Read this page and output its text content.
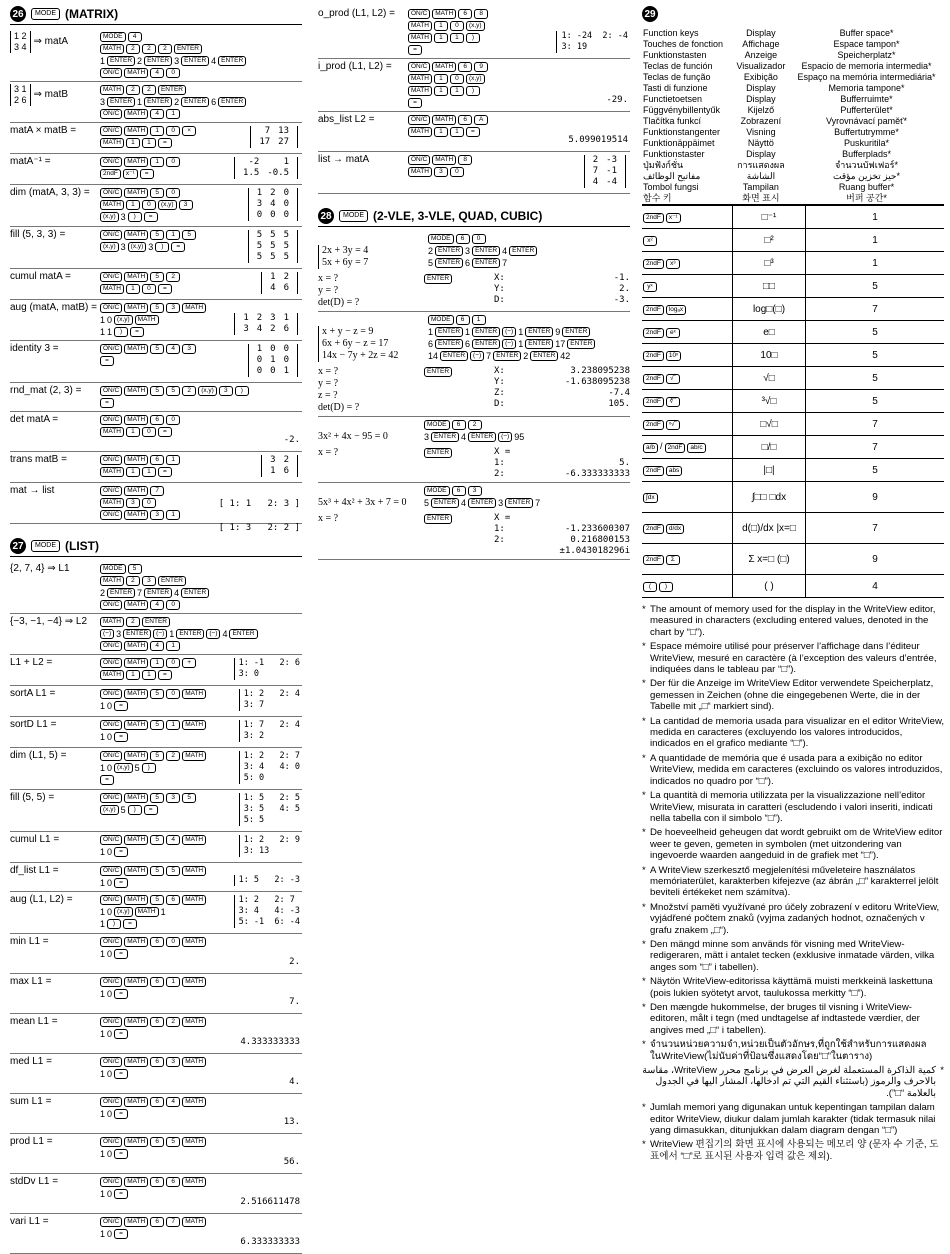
26	MODE (MATRIX)
1 2
3 4 ⇒ matA	MODE	4
MATH	2	2	2	ENTER
1 ENTER 2 ENTER 3 ENTER 4 ENTER
ON/C	MATH	4	0
3 1
2 6 ⇒ matB	MATH	2	2	ENTER
3 ENTER 1 ENTER 2 ENTER 6 ENTER
ON/C	MATH	4	1
matA × matB =	ON/C	MATH	1	0	×
MATH	1	1	=
7	13
17	27
matA⁻¹ =	ON/C	MATH	1	0
2ndF	x⁻¹	=
-2	1
1.5	-0.5
dim (matA, 3, 3) =	ON/C	MATH	5	0
MATH	1	0	(x,y)	3
(x,y) 3	)	=
1	2	0
3	4	0
0	0	0
fill (5, 3, 3) =	ON/C	MATH	5	1	5
(x,y) 3 (x,y) 3	)	=
5	5	5
5	5	5
5	5	5
cumul matA =	ON/C	MATH	5	2
MATH	1	0	=
1	2
4	6
aug (matA, matB) = ON/C	MATH	5	3	MATH
1 0 (x,y)	MATH
1 1	)	=
1	2	3	1
3	4	2	6
identity 3 =	ON/C	MATH	5	4	3
=
1	0	0
0	1	0
0	0	1
rnd_mat (2, 3) =	ON/C	MATH	5	5	2	(x,y)	3	)
=
det matA =	ON/C	MATH	6	0
MATH	1	0	=
-2.
trans matB =	ON/C	MATH	6	1
MATH	1	1	=
3	2
1	6
mat → list	ON/C	MATH	7
MATH	3	0
ON/C	MATH	3	1
[ 1: 1   2: 3 ]
[ 1: 3   2: 2 ]
27	MODE (LIST)
{2, 7, 4} ⇒ L1	MODE	5
MATH	2	3	ENTER
2 ENTER 7 ENTER 4 ENTER
ON/C	MATH	4	0
{−3, −1, −4} ⇒ L2	MATH	2	ENTER
(−) 3 ENTER	(−) 1 ENTER	(−) 4 ENTER
ON/C	MATH	4	1
L1 + L2 =	ON/C	MATH	1	0	+
MATH	1	1	=
1: -1   2: 6
3: 0
sortA L1 =	ON/C	MATH	5	0	MATH
1 0	=
1: 2   2: 4
3: 7
sortD L1 =	ON/C	MATH	5	1	MATH
1 0	=
1: 7   2: 4
3: 2
dim (L1, 5) =	ON/C	MATH	5	2	MATH
1 0 (x,y) 5	)
=
1: 2   2: 7
3: 4   4: 0
5: 0
fill (5, 5) =	ON/C	MATH	5	3	5
(x,y) 5	)	=
1: 5   2: 5
3: 5   4: 5
5: 5
cumul L1 =	ON/C	MATH	5	4	MATH
1 0	=
1: 2   2: 9
3: 13
df_list L1 =	ON/C	MATH	5	5	MATH
1 0	=	1: 5   2: -3
aug (L1, L2) =	ON/C	MATH	5	6	MATH
1 0 (x,y)	MATH 1
1	)	=
1: 2   2: 7
3: 4   4: -3
5: -1  6: -4
min L1 =	ON/C	MATH	6	0	MATH
1 0	=
2.
max L1 =	ON/C	MATH	6	1	MATH
1 0	=
7.
mean L1 =	ON/C	MATH	6	2	MATH
1 0	=
4.333333333
med L1 =	ON/C	MATH	6	3	MATH
1 0	=
4.
sum L1 =	ON/C	MATH	6	4	MATH
1 0	=
13.
prod L1 =	ON/C	MATH	6	5	MATH
1 0	=
56.
stdDv L1 =	ON/C	MATH	6	6	MATH
1 0	=
2.516611478
vari L1 =	ON/C	MATH	6	7	MATH
1 0	=
6.333333333
o_prod (L1, L2) =	ON/C	MATH	6	8
MATH	1	0	(x,y)
MATH	1	1	)
=
1: -24  2: -4
3: 19
i_prod (L1, L2) =	ON/C	MATH	6	9
MATH	1	0	(x,y)
MATH	1	1	)
=	-29.
abs_list L2 =	ON/C	MATH	6	A
MATH	1	1	=
5.099019514
list → matA	ON/C	MATH	8
MATH	3	0
2	-3
7	-1
4	-4
28	MODE (2-VLE, 3-VLE, QUAD, CUBIC)
2x + 3y = 4
5x + 6y = 7
MODE	6	0
2 ENTER 3 ENTER 4 ENTER
5 ENTER 6 ENTER 7
x = ?
y = ?
det(D) = ?
ENTER	X:	-1.
Y:	2.
D:	-3.
x + y − z = 9
6x + 6y − z = 17
14x − 7y + 2z = 42
MODE	6	1
1 ENTER 1 ENTER	(−) 1 ENTER 9 ENTER
6 ENTER 6 ENTER	(−) 1 ENTER 17 ENTER
14 ENTER	(−) 7 ENTER 2 ENTER 42
x = ?
y = ?
z = ?
det(D) = ?
ENTER	X:	3.238095238
Y:	-1.638095238
Z:	-7.4
D:	105.
3x² + 4x − 95 = 0
MODE	6	2
3 ENTER 4 ENTER	(−) 95
x = ?	ENTER	X =
1:	5.
2:	-6.333333333
5x³ + 4x² + 3x + 7 = 0
MODE	6	3
5 ENTER 4 ENTER 3 ENTER 7
x = ?	ENTER	X =
1:	-1.233600307
2:	0.216800153
±1.043018296i
29
Function keys	Display	Buffer space*
Touches de fonction	Affichage	Espace tampon*
Funktionstasten	Anzeige	Speicherplatz*
Teclas de función	Visualizador	Espacio de memoria intermedia*
Teclas de função	Exibição	Espaço na memória intermediária*
Tasti di funzione	Display	Memoria tampone*
Functietoetsen	Display	Bufferruimte*
Függvénybillentyűk	Kijelző	Pufferterület*
Tlačítka funkcí	Zobrazení	Vyrovnávací paměť*
Funktionstangenter	Visning	Buffertutrymme*
Funktionäppäimet	Näyttö	Puskuritila*
Funktionstaster	Display	Bufferplads*
ปุ่มฟังก์ชั่น	การแสดงผล	จำนวนบัฟเฟอร์*
مفاتيح الوظائف	الشاشة	حيز تخزين مؤقت*
Tombol fungsi	Tampilan	Ruang buffer*
함수 키	화면 표시	버퍼 공간*
2ndF x⁻¹	□⁻¹	1
x²	□²	1
2ndF x³	□³	1
yˣ	□□	5
2ndF logₐx	log□(□)	7
2ndF eˣ	e□	5
2ndF 10ˣ	10□	5
2ndF √‾	√□	5
2ndF ∛‾	³√□	5
2ndF ˣ√‾	□√□	7
a/b / 2ndF ab/c	□/□	7
2ndF abs	|□|	5
∫dx	∫□□ □dx	9
2ndF d/dx	d(□)/dx |x=□	7
2ndF Σ	Σ x=□ (□)	9
( )	( )	4
* The amount of memory used for the display in the WriteView editor, measured in characters (excluding entered values, denoted in the chart by “□”).
* Espace mémoire utilisé pour préserver l’affichage dans l’éditeur WriteView, mesuré en caractère (à l’exception des valeurs d’entrée, indiquées dans le tableau par “□”).
* Der für die Anzeige im WriteView Editor verwendete Speicherplatz, gemessen in Zeichen (ohne die eingegebenen Werte, die in der Tabelle mit „□“ markiert sind).
* La cantidad de memoria usada para visualizar en el editor WriteView, medida en caracteres (excluyendo los valores introducidos, indicados en el grafico mediante “□”).
* A quantidade de memória que é usada para a exibição no editor WriteView, medida em caracteres (excluindo os valores introduzidos, indicados no quadro por “□”).
* La quantità di memoria utilizzata per la visualizzazione nell’editor WriteView, misurata in caratteri (escludendo i valori inseriti, indicati nella tabella con il simbolo “□”).
* De hoeveelheid geheugen dat wordt gebruikt om de WriteView editor weer te geven, gemeten in symbolen (met uitzondering van ingevoerde waarden aangeduid in de grafiek met “□”).
* A WriteView szerkesztő megjelenítési műveleteire használatos memóriaterület, karakterben kifejezve (az ábrán „□” karakterrel jelölt beviteli értékeket nem számítva).
* Množství paměti využívané pro účely zobrazení v editoru WriteView, vyjádřené počtem znaků (vyjma zadaných hodnot, označených v grafu znakem „□“).
* Den mängd minne som används för visning med WriteView-redigeraren, mätt i antalet tecken (exklusive inmatade värden, vilka anges som “□” i tabellen).
* Näytön WriteView-editorissa käyttämä muisti merkkeinä laskettuna (pois lukien syötetyt arvot, taulukossa merkitty “□”).
* Den mængde hukommelse, der bruges til visning i WriteView-editoren, målt i tegn (med undtagelse af indtastede værdier, der angives med „□“ i tabellen).
* จำนวนหน่วยความจำ,หน่วยเป็นตัวอักษร,ที่ถูกใช้สำหรับการแสดงผลในWriteView(ไม่นับค่าที่ป้อนซึ่งแสดงโดย“□”ในตาราง)
* كمية الذاكرة المستعملة لغرض العرض في برنامج محرر WriteView، مقاسة بالاحرف والرموز (باستثناء القيم التي تم ادخالها، المشار اليها في الجدول بالعلامة “□”).
* Jumlah memori yang digunakan untuk kepentingan tampilan dalam editor WriteView, diukur dalam jumlah karakter (tidak termasuk nilai yang dimasukkan, ditunjukkan dalam diagram dengan “□”)
* WriteView 편집기의 화면 표시에 사용되는 메모리 양 (문자 수 기준, 도표에서 “□”로 표시된 사용자 입력 값은 제외).
